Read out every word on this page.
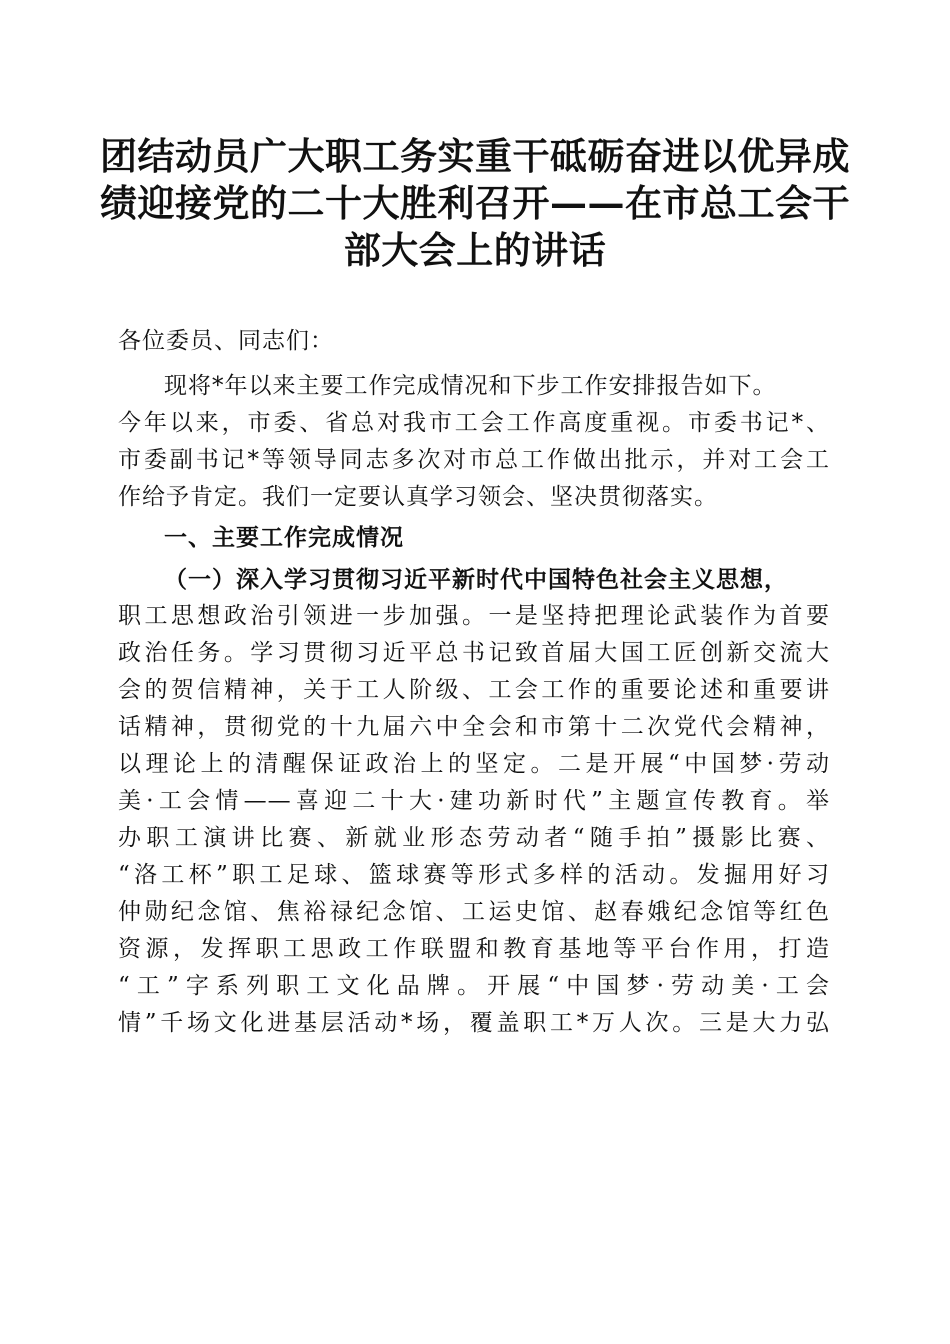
团结动员广大职工务实重干砥砺奋进以优异成
绩迎接党的二十大胜利召开——在市总工会干
部大会上的讲话
各位委员、同志们：
现将*年以来主要工作完成情况和下步工作安排报告如下。
今年以来，市委、省总对我市工会工作高度重视。市委书记*、
市委副书记*等领导同志多次对市总工作做出批示，并对工会工
作给予肯定。我们一定要认真学习领会、坚决贯彻落实。
一、主要工作完成情况
（一）深入学习贯彻习近平新时代中国特色社会主义思想，
职工思想政治引领进一步加强。一是坚持把理论武装作为首要
政治任务。学习贯彻习近平总书记致首届大国工匠创新交流大
会的贺信精神，关于工人阶级、工会工作的重要论述和重要讲
话精神，贯彻党的十九届六中全会和市第十二次党代会精神，
以理论上的清醒保证政治上的坚定。二是开展“中国梦·劳动
美·工会情——喜迎二十大·建功新时代”主题宣传教育。举
办职工演讲比赛、新就业形态劳动者“随手拍”摄影比赛、
“洛工杯”职工足球、篮球赛等形式多样的活动。发掘用好习
仲勋纪念馆、焦裕禄纪念馆、工运史馆、赵春娥纪念馆等红色
资源，发挥职工思政工作联盟和教育基地等平台作用，打造
“工”字系列职工文化品牌。开展“中国梦·劳动美·工会
情”千场文化进基层活动*场，覆盖职工*万人次。三是大力弘
